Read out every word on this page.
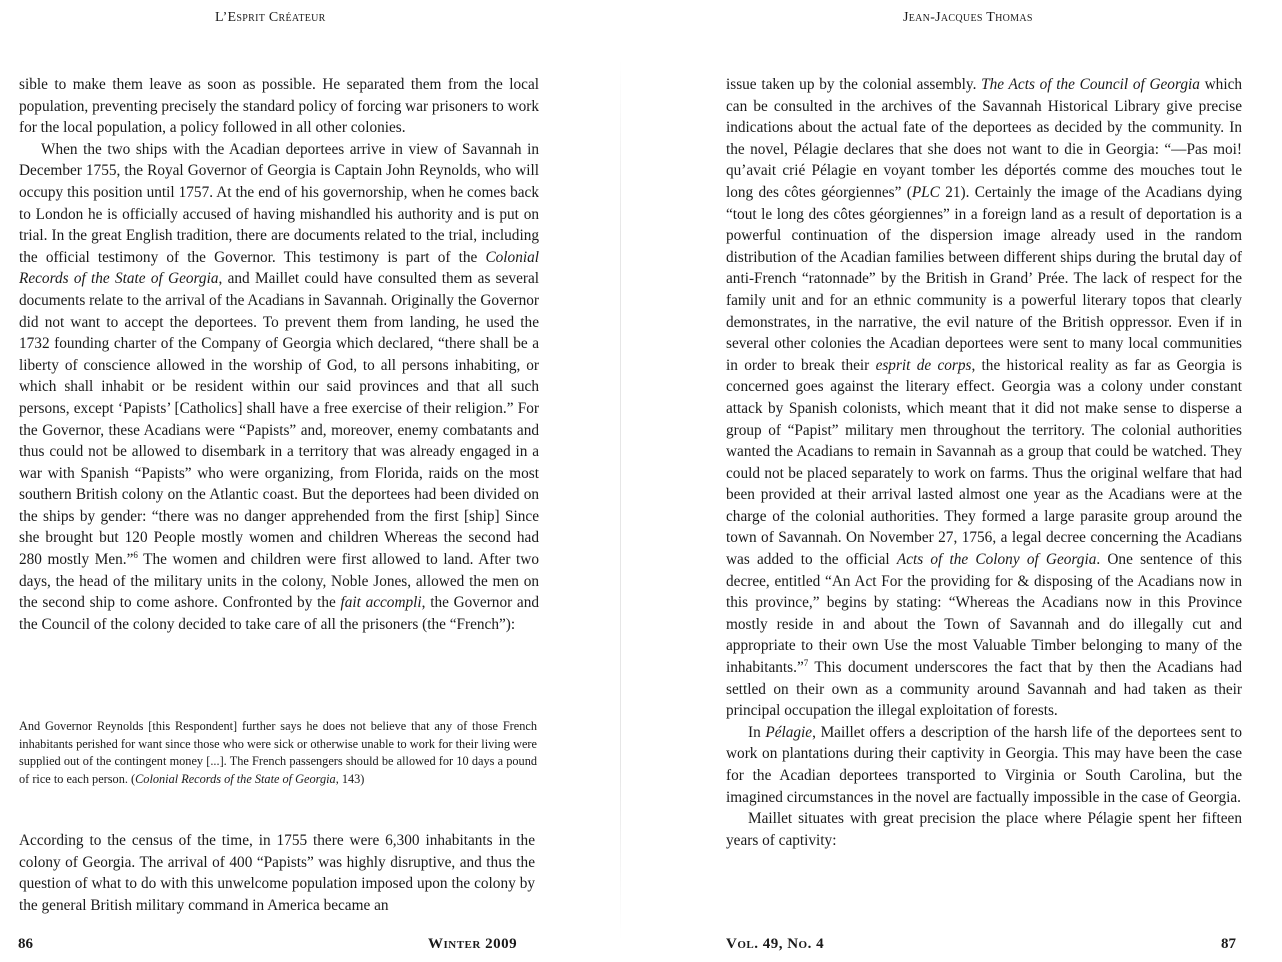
L’Esprit Créateur

sible to make them leave as soon as possible. He separated them from the local population, preventing precisely the standard policy of forcing war prisoners to work for the local population, a policy followed in all other colonies.

When the two ships with the Acadian deportees arrive in view of Savannah in December 1755, the Royal Governor of Georgia is Captain John Reynolds, who will occupy this position until 1757. At the end of his governorship, when he comes back to London he is officially accused of having mishandled his authority and is put on trial. In the great English tradition, there are documents related to the trial, including the official testimony of the Governor. This testimony is part of the Colonial Records of the State of Georgia, and Maillet could have consulted them as several documents relate to the arrival of the Acadians in Savannah. Originally the Governor did not want to accept the deportees. To prevent them from landing, he used the 1732 founding charter of the Company of Georgia which declared, “there shall be a liberty of conscience allowed in the worship of God, to all persons inhabiting, or which shall inhabit or be resident within our said provinces and that all such persons, except ‘Papists’ [Catholics] shall have a free exercise of their religion.” For the Governor, these Acadians were “Papists” and, moreover, enemy combatants and thus could not be allowed to disembark in a territory that was already engaged in a war with Spanish “Papists” who were organizing, from Florida, raids on the most southern British colony on the Atlantic coast. But the deportees had been divided on the ships by gender: “there was no danger apprehended from the first [ship] Since she brought but 120 People mostly women and children Whereas the second had 280 mostly Men.”$^6$ The women and children were first allowed to land. After two days, the head of the military units in the colony, Noble Jones, allowed the men on the second ship to come ashore. Confronted by the fait accompli, the Governor and the Council of the colony decided to take care of all the prisoners (the “French”):

And Governor Reynolds [this Respondent] further says he does not believe that any of those French inhabitants perished for want since those who were sick or otherwise unable to work for their living were supplied out of the contingent money [...]. The French passengers should be allowed for 10 days a pound of rice to each person. (Colonial Records of the State of Georgia, 143)
According to the census of the time, in 1755 there were 6,300 inhabitants in the colony of Georgia. The arrival of 400 “Papists” was highly disruptive, and thus the question of what to do with this unwelcome population imposed upon the colony by the general British military command in America became an
86	Winter 2009
Jean-Jacques Thomas

issue taken up by the colonial assembly. The Acts of the Council of Georgia which can be consulted in the archives of the Savannah Historical Library give precise indications about the actual fate of the deportees as decided by the community. In the novel, Pélagie declares that she does not want to die in Georgia: “—Pas moi! qu’avait crié Pélagie en voyant tomber les déportés comme des mouches tout le long des côtes géorgiennes” (PLC 21). Certainly the image of the Acadians dying “tout le long des côtes géorgiennes” in a foreign land as a result of deportation is a powerful continuation of the dispersion image already used in the random distribution of the Acadian families between different ships during the brutal day of anti-French “ratonnade” by the British in Grand’ Prée. The lack of respect for the family unit and for an ethnic community is a powerful literary topos that clearly demonstrates, in the narrative, the evil nature of the British oppressor. Even if in several other colonies the Acadian deportees were sent to many local communities in order to break their esprit de corps, the historical reality as far as Georgia is concerned goes against the literary effect. Georgia was a colony under constant attack by Spanish colonists, which meant that it did not make sense to disperse a group of “Papist” military men throughout the territory. The colonial authorities wanted the Acadians to remain in Savannah as a group that could be watched. They could not be placed separately to work on farms. Thus the original welfare that had been provided at their arrival lasted almost one year as the Acadians were at the charge of the colonial authorities. They formed a large parasite group around the town of Savannah. On November 27, 1756, a legal decree concerning the Acadians was added to the official Acts of the Colony of Georgia. One sentence of this decree, entitled “An Act For the providing for & disposing of the Acadians now in this province,” begins by stating: “Whereas the Acadians now in this Province mostly reside in and about the Town of Savannah and do illegally cut and appropriate to their own Use the most Valuable Timber belonging to many of the inhabitants.”$^7$ This document underscores the fact that by then the Acadians had settled on their own as a community around Savannah and had taken as their principal occupation the illegal exploitation of forests.

In Pélagie, Maillet offers a description of the harsh life of the deportees sent to work on plantations during their captivity in Georgia. This may have been the case for the Acadian deportees transported to Virginia or South Carolina, but the imagined circumstances in the novel are factually impossible in the case of Georgia.

Maillet situates with great precision the place where Pélagie spent her fifteen years of captivity:

Vol. 49, No. 4	87
